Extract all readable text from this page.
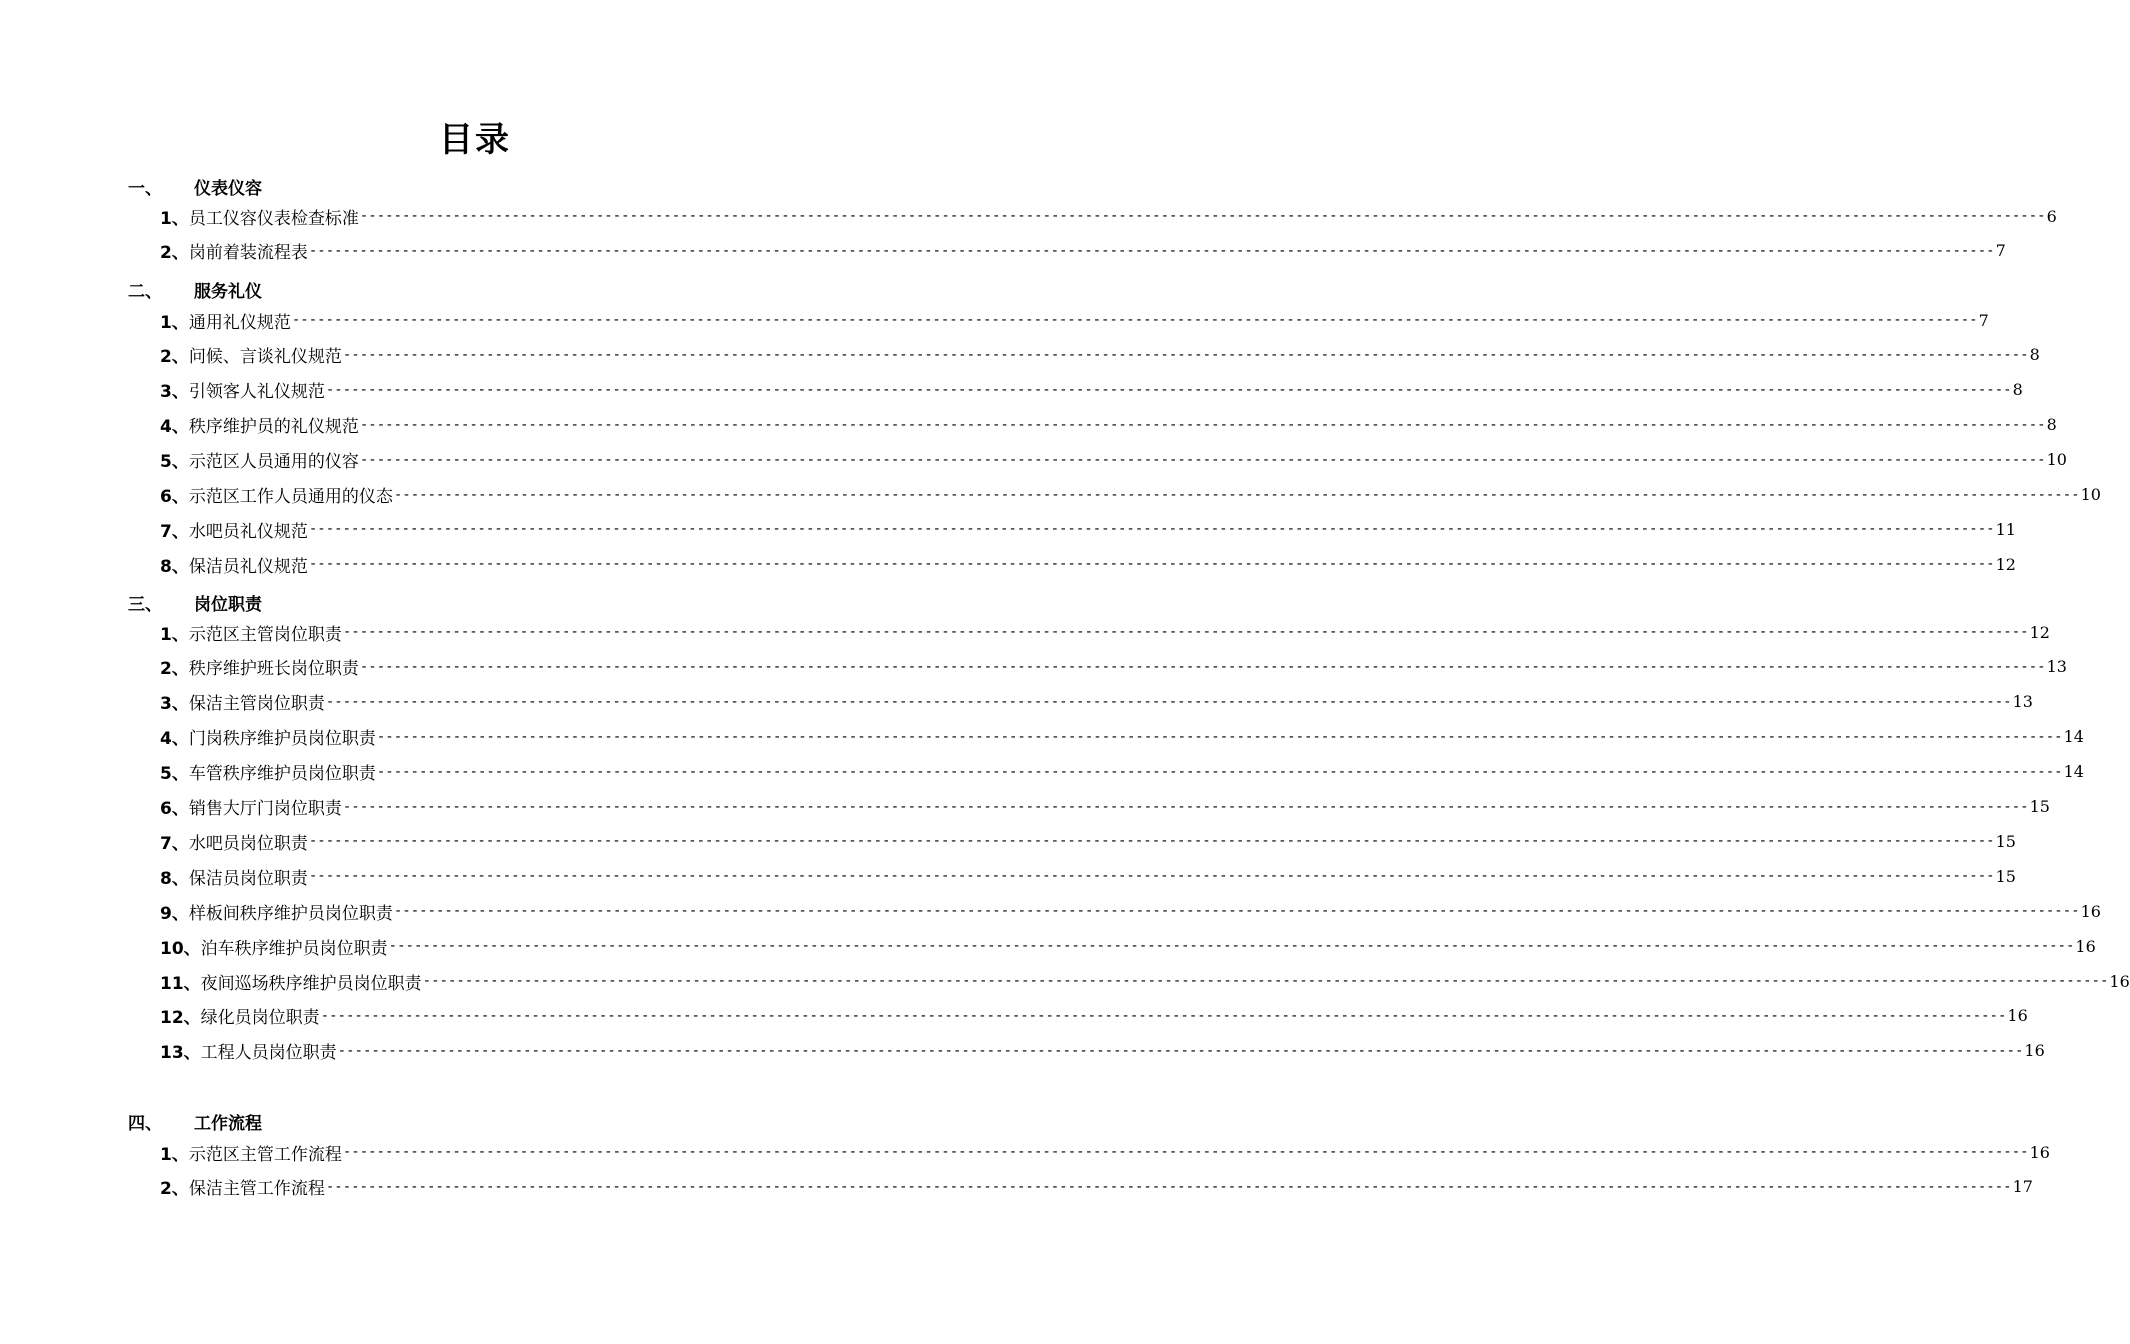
目录
一、 仪表仪容
1、 员工仪容仪表检查标准 -------------------------------------------------------------------------------------------------------------------------------------------------------------------------------------------------------- 6
2、 岗前着装流程表 -------------------------------------------------------------------------------------------------------------------------------------------------------------------------------------------------------- 7
二、 服务礼仪
1、 通用礼仪规范 -------------------------------------------------------------------------------------------------------------------------------------------------------------------------------------------------------- 7
2、 问候、言谈礼仪规范 -------------------------------------------------------------------------------------------------------------------------------------------------------------------------------------------------------- 8
3、 引领客人礼仪规范 -------------------------------------------------------------------------------------------------------------------------------------------------------------------------------------------------------- 8
4、 秩序维护员的礼仪规范 -------------------------------------------------------------------------------------------------------------------------------------------------------------------------------------------------------- 8
5、 示范区人员通用的仪容 -------------------------------------------------------------------------------------------------------------------------------------------------------------------------------------------------------- 10
6、 示范区工作人员通用的仪态 -------------------------------------------------------------------------------------------------------------------------------------------------------------------------------------------------------- 10
7、 水吧员礼仪规范 -------------------------------------------------------------------------------------------------------------------------------------------------------------------------------------------------------- 11
8、 保洁员礼仪规范 -------------------------------------------------------------------------------------------------------------------------------------------------------------------------------------------------------- 12
三、 岗位职责
1、 示范区主管岗位职责 -------------------------------------------------------------------------------------------------------------------------------------------------------------------------------------------------------- 12
2、 秩序维护班长岗位职责 -------------------------------------------------------------------------------------------------------------------------------------------------------------------------------------------------------- 13
3、 保洁主管岗位职责 -------------------------------------------------------------------------------------------------------------------------------------------------------------------------------------------------------- 13
4、 门岗秩序维护员岗位职责 -------------------------------------------------------------------------------------------------------------------------------------------------------------------------------------------------------- 14
5、 车管秩序维护员岗位职责 -------------------------------------------------------------------------------------------------------------------------------------------------------------------------------------------------------- 14
6、 销售大厅门岗位职责 -------------------------------------------------------------------------------------------------------------------------------------------------------------------------------------------------------- 15
7、 水吧员岗位职责 -------------------------------------------------------------------------------------------------------------------------------------------------------------------------------------------------------- 15
8、 保洁员岗位职责 -------------------------------------------------------------------------------------------------------------------------------------------------------------------------------------------------------- 15
9、 样板间秩序维护员岗位职责 -------------------------------------------------------------------------------------------------------------------------------------------------------------------------------------------------------- 16
10、 泊车秩序维护员岗位职责 -------------------------------------------------------------------------------------------------------------------------------------------------------------------------------------------------------- 16
11、 夜间巡场秩序维护员岗位职责 -------------------------------------------------------------------------------------------------------------------------------------------------------------------------------------------------------- 16
12、 绿化员岗位职责 -------------------------------------------------------------------------------------------------------------------------------------------------------------------------------------------------------- 16
13、 工程人员岗位职责 -------------------------------------------------------------------------------------------------------------------------------------------------------------------------------------------------------- 16
四、 工作流程
1、 示范区主管工作流程 -------------------------------------------------------------------------------------------------------------------------------------------------------------------------------------------------------- 16
2、 保洁主管工作流程 -------------------------------------------------------------------------------------------------------------------------------------------------------------------------------------------------------- 17
